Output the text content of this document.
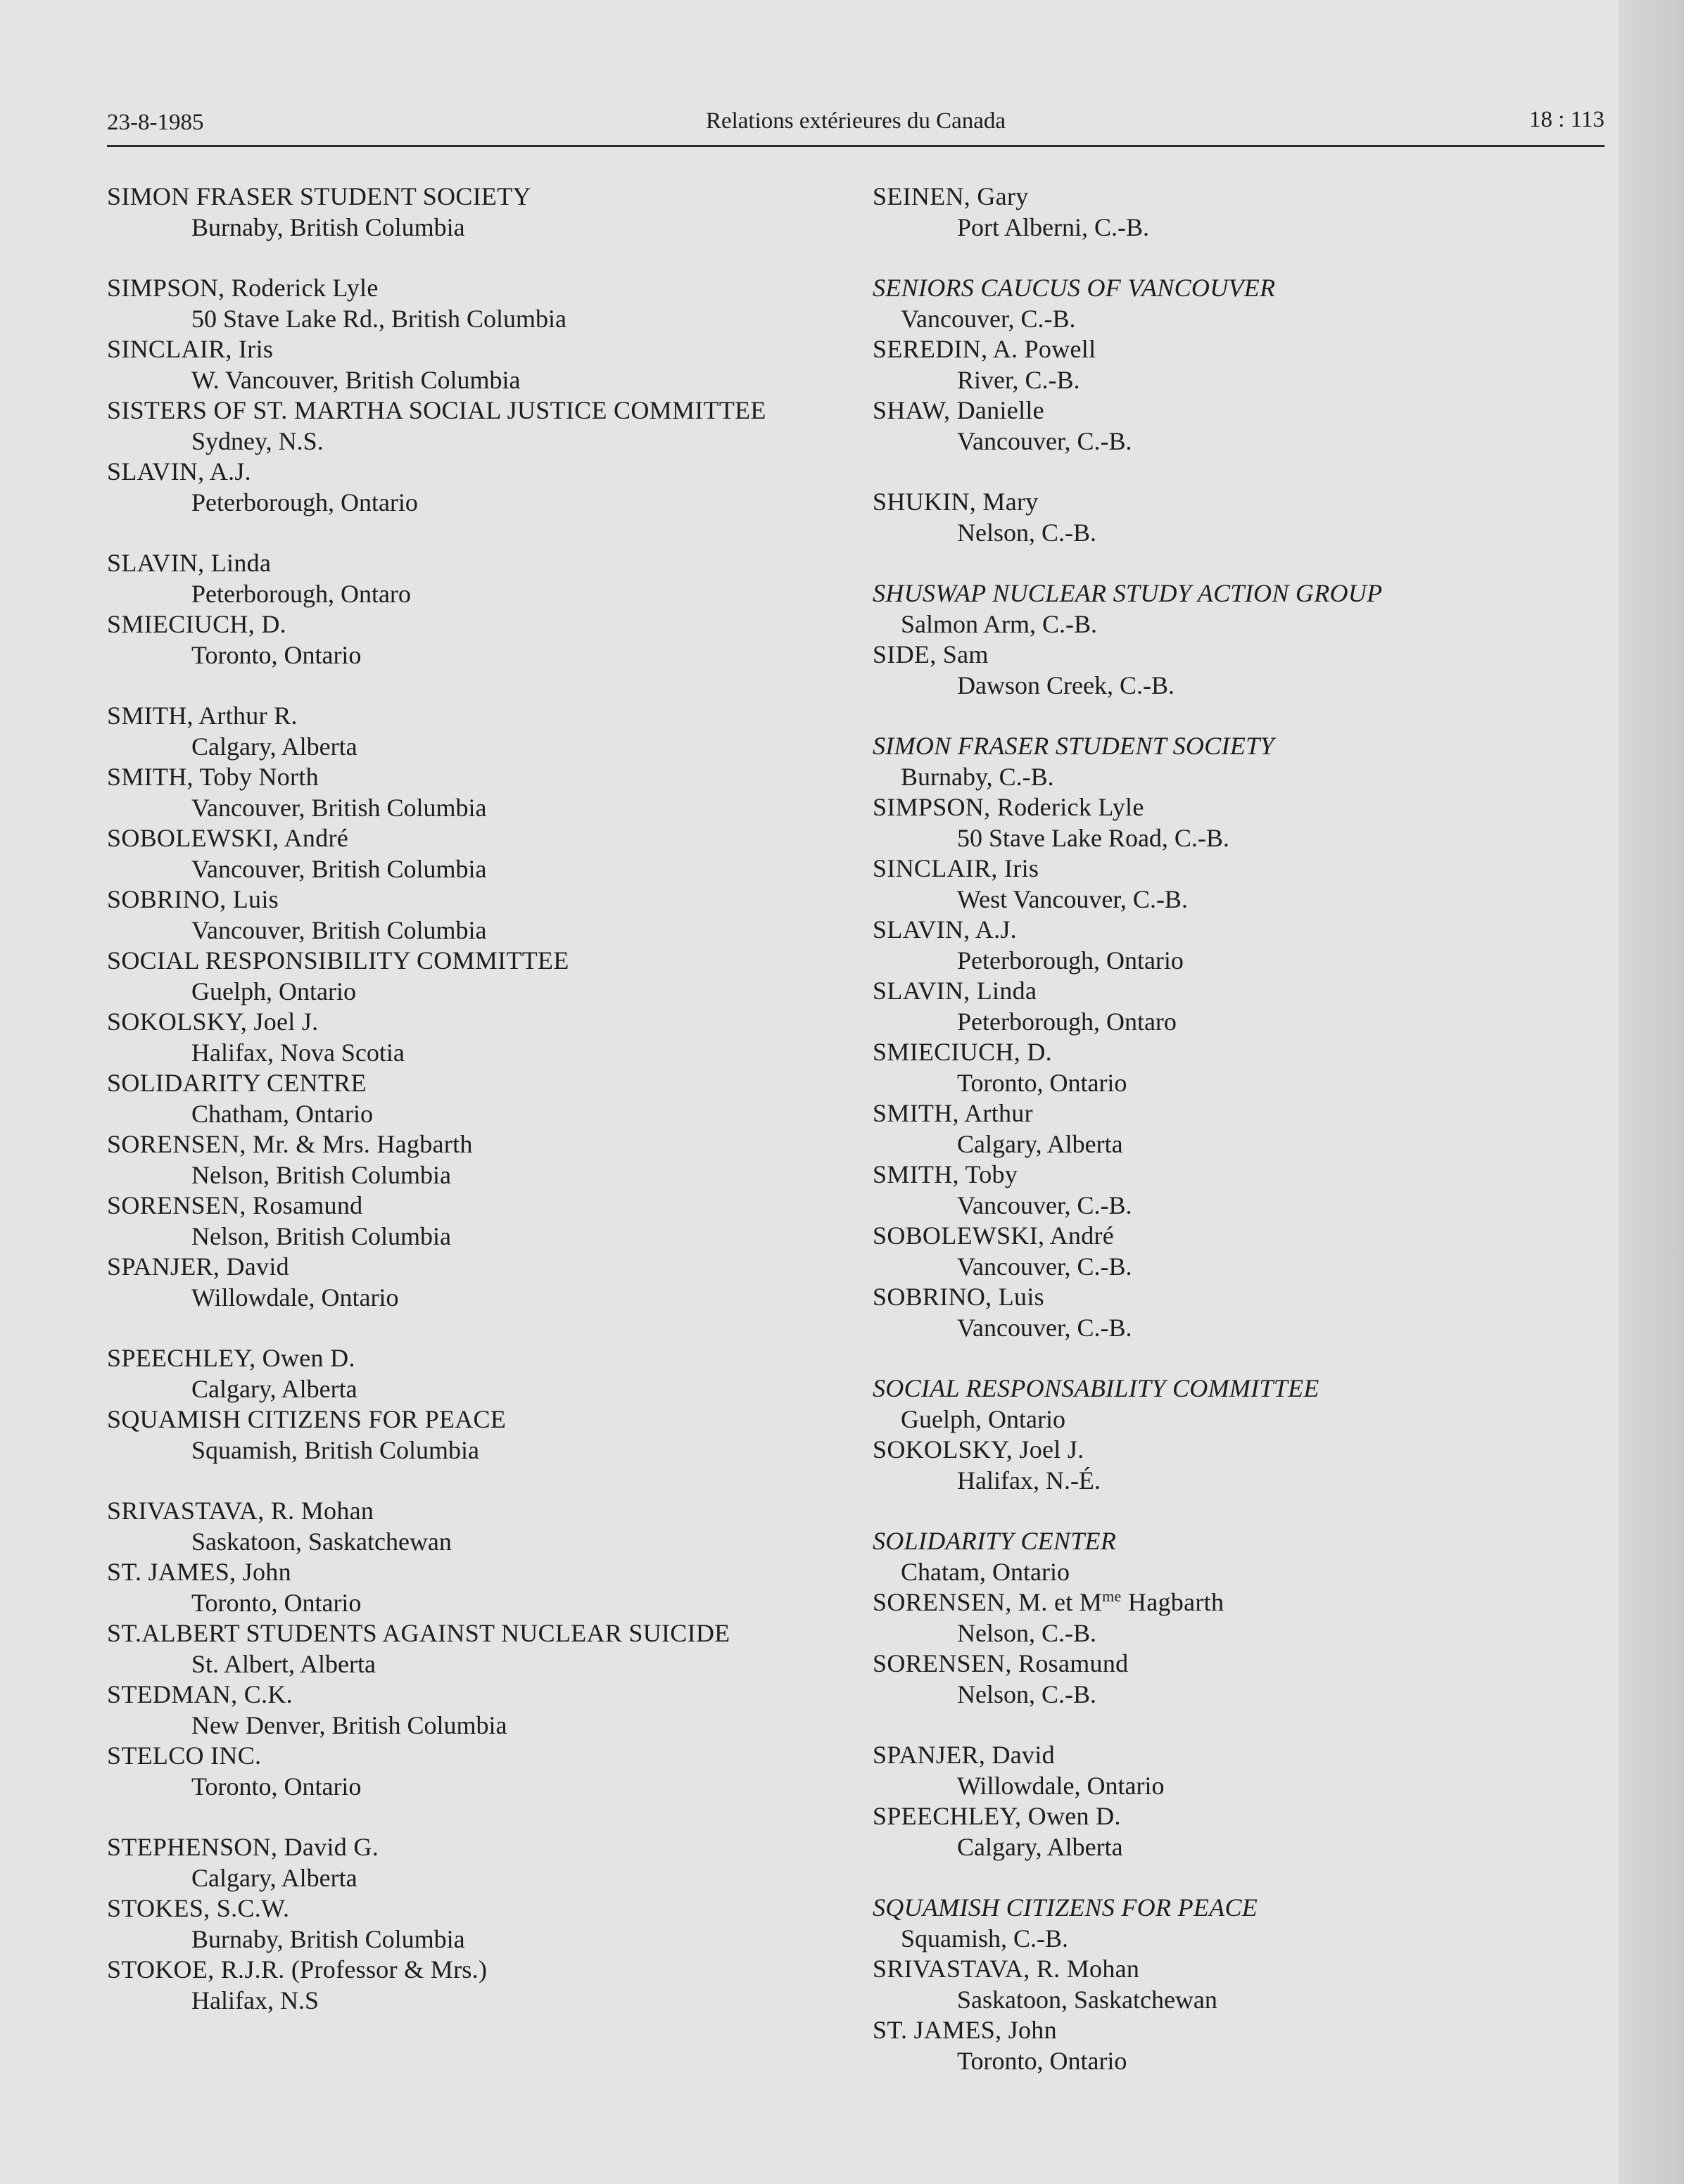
23-8-1985	Relations extérieures du Canada	18 : 113
SIMON FRASER STUDENT SOCIETY
Burnaby, British Columbia
SIMPSON, Roderick Lyle
50 Stave Lake Rd., British Columbia
SINCLAIR, Iris
W. Vancouver, British Columbia
SISTERS OF ST. MARTHA SOCIAL JUSTICE COMMITTEE
Sydney, N.S.
SLAVIN, A.J.
Peterborough, Ontario
SLAVIN, Linda
Peterborough, Ontaro
SMIECIUCH, D.
Toronto, Ontario
SMITH, Arthur R.
Calgary, Alberta
SMITH, Toby North
Vancouver, British Columbia
SOBOLEWSKI, André
Vancouver, British Columbia
SOBRINO, Luis
Vancouver, British Columbia
SOCIAL RESPONSIBILITY COMMITTEE
Guelph, Ontario
SOKOLSKY, Joel J.
Halifax, Nova Scotia
SOLIDARITY CENTRE
Chatham, Ontario
SORENSEN, Mr. & Mrs. Hagbarth
Nelson, British Columbia
SORENSEN, Rosamund
Nelson, British Columbia
SPANJER, David
Willowdale, Ontario
SPEECHLEY, Owen D.
Calgary, Alberta
SQUAMISH CITIZENS FOR PEACE
Squamish, British Columbia
SRIVASTAVA, R. Mohan
Saskatoon, Saskatchewan
ST. JAMES, John
Toronto, Ontario
ST.ALBERT STUDENTS AGAINST NUCLEAR SUICIDE
St. Albert, Alberta
STEDMAN, C.K.
New Denver, British Columbia
STELCO INC.
Toronto, Ontario
STEPHENSON, David G.
Calgary, Alberta
STOKES, S.C.W.
Burnaby, British Columbia
STOKOE, R.J.R. (Professor & Mrs.)
Halifax, N.S
SEINEN, Gary
Port Alberni, C.-B.
SENIORS CAUCUS OF VANCOUVER
Vancouver, C.-B.
SEREDIN, A. Powell
River, C.-B.
SHAW, Danielle
Vancouver, C.-B.
SHUKIN, Mary
Nelson, C.-B.
SHUSWAP NUCLEAR STUDY ACTION GROUP
Salmon Arm, C.-B.
SIDE, Sam
Dawson Creek, C.-B.
SIMON FRASER STUDENT SOCIETY
Burnaby, C.-B.
SIMPSON, Roderick Lyle
50 Stave Lake Road, C.-B.
SINCLAIR, Iris
West Vancouver, C.-B.
SLAVIN, A.J.
Peterborough, Ontario
SLAVIN, Linda
Peterborough, Ontaro
SMIECIUCH, D.
Toronto, Ontario
SMITH, Arthur
Calgary, Alberta
SMITH, Toby
Vancouver, C.-B.
SOBOLEWSKI, André
Vancouver, C.-B.
SOBRINO, Luis
Vancouver, C.-B.
SOCIAL RESPONSABILITY COMMITTEE
Guelph, Ontario
SOKOLSKY, Joel J.
Halifax, N.-É.
SOLIDARITY CENTER
Chatam, Ontario
SORENSEN, M. et $M^{me}$ Hagbarth
Nelson, C.-B.
SORENSEN, Rosamund
Nelson, C.-B.
SPANJER, David
Willowdale, Ontario
SPEECHLEY, Owen D.
Calgary, Alberta
SQUAMISH CITIZENS FOR PEACE
Squamish, C.-B.
SRIVASTAVA, R. Mohan
Saskatoon, Saskatchewan
ST. JAMES, John
Toronto, Ontario
